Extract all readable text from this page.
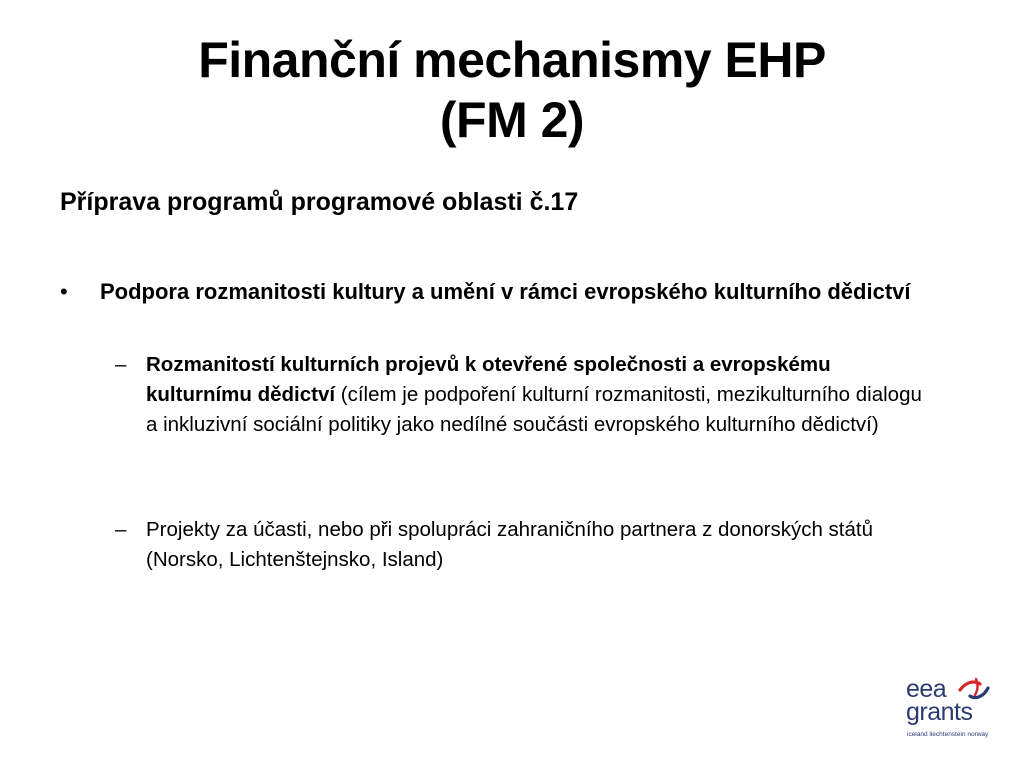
Finanční mechanismy EHP
(FM 2)
Příprava programů programové oblasti č.17
•	Podpora rozmanitosti kultury a umění v rámci evropského kulturního dědictví
– Rozmanitostí kulturních projevů k otevřené společnosti a evropskému kulturnímu dědictví (cílem je podpoření kulturní rozmanitosti, mezikulturního dialogu a inkluzivní sociální politiky jako nedílné součásti evropského kulturního dědictví)
– Projekty za účasti, nebo při spolupráci zahraničního partnera z donorských států (Norsko, Lichtenštejnsko, Island)
eea
grants
iceland liechtenstein norway
